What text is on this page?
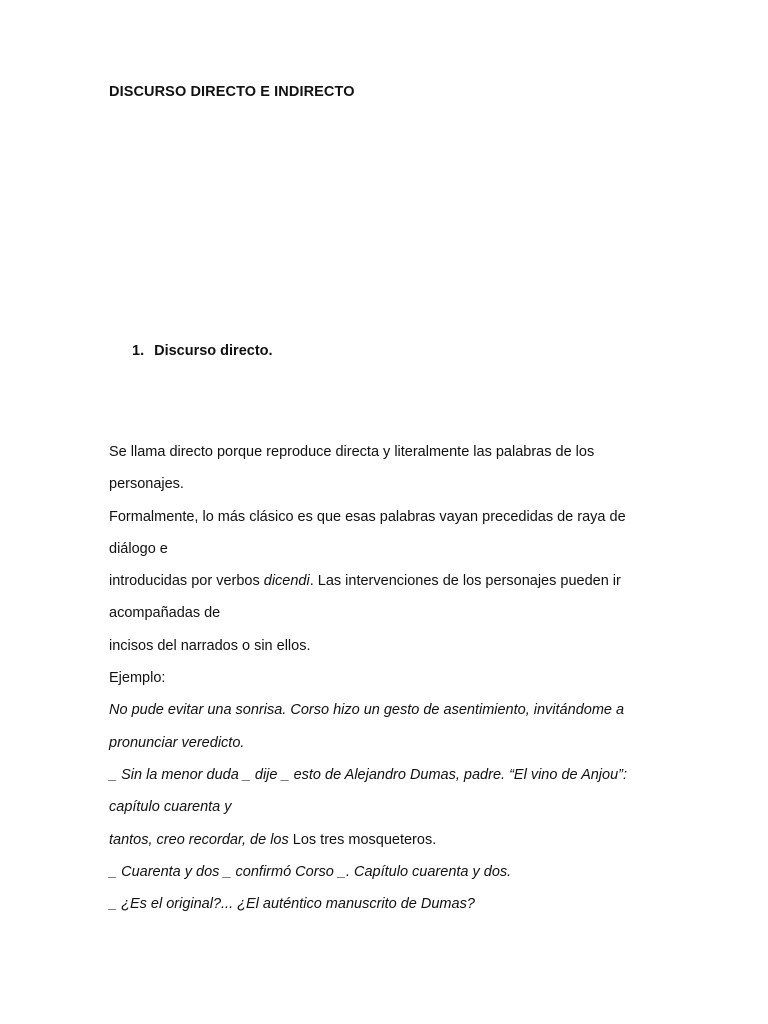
DISCURSO DIRECTO E INDIRECTO
1. Discurso directo.
Se llama directo porque reproduce directa y literalmente las palabras de los
personajes.
Formalmente, lo más clásico es que esas palabras vayan precedidas de raya de
diálogo e
introducidas por verbos dicendi. Las intervenciones de los personajes pueden ir
acompañadas de
incisos del narrados o sin ellos.
Ejemplo:
No pude evitar una sonrisa. Corso hizo un gesto de asentimiento, invitándome a
pronunciar veredicto.
_ Sin la menor duda _ dije _ esto de Alejandro Dumas, padre. “El vino de Anjou”:
capítulo cuarenta y
tantos, creo recordar, de los Los tres mosqueteros.
_ Cuarenta y dos _ confirmó Corso _. Capítulo cuarenta y dos.
_ ¿Es el original?... ¿El auténtico manuscrito de Dumas?
